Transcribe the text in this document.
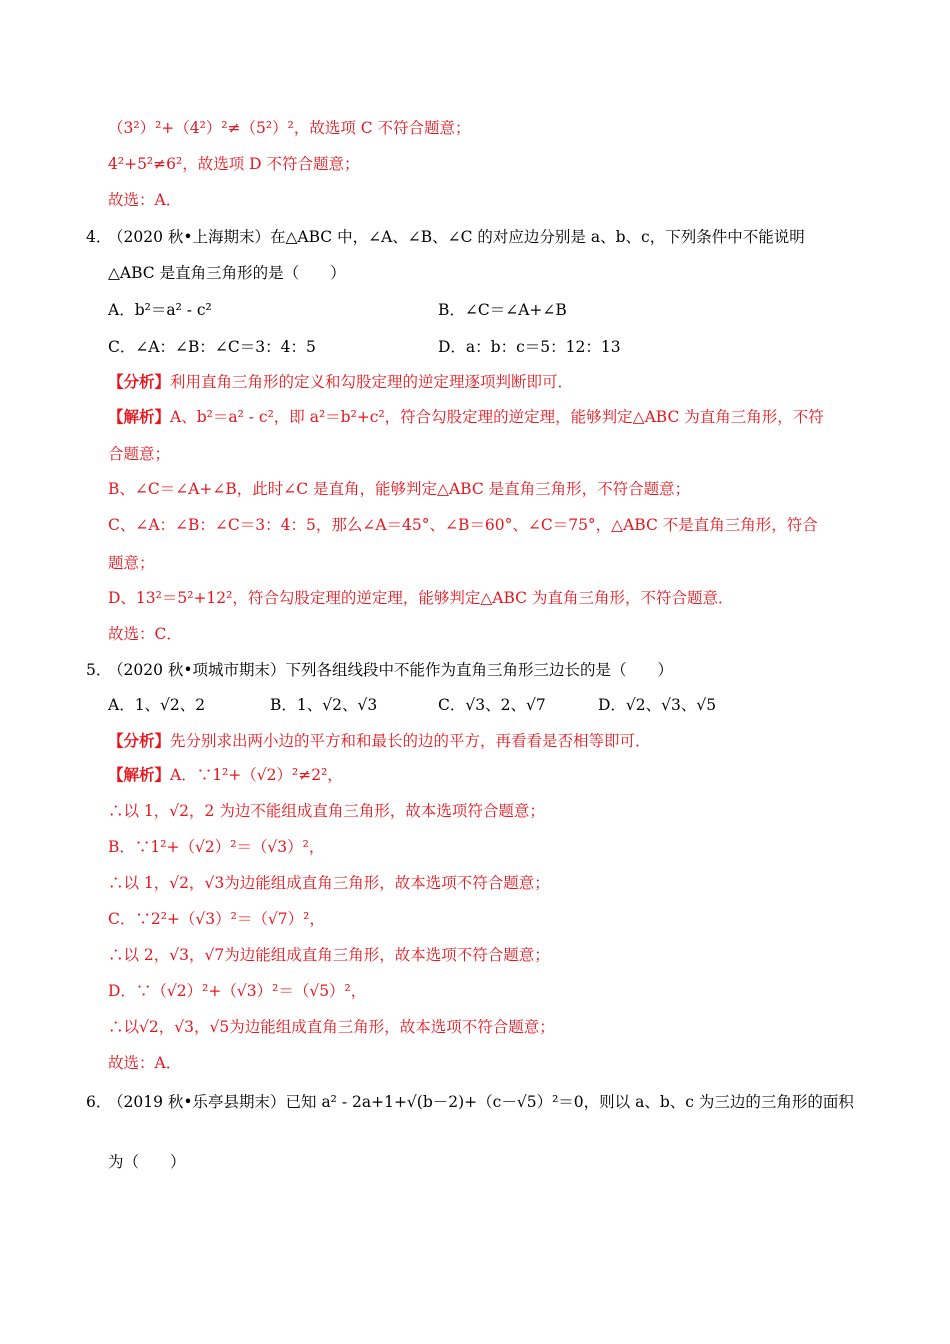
（3²）²+（4²）²≠（5²）²，故选项 C 不符合题意；
4²+5²≠6²，故选项 D 不符合题意；
故选：A．
4．
（2020 秋•上海期末）在△ABC 中，∠A、∠B、∠C 的对应边分别是 a、b、c，下列条件中不能说明
△ABC 是直角三角形的是（　　）
A．b²＝a² - c²	B．∠C＝∠A+∠B
C．∠A：∠B：∠C＝3：4：5	D．a：b：c＝5：12：13
【分析】利用直角三角形的定义和勾股定理的逆定理逐项判断即可．
【解析】A、b²＝a² - c²，即 a²＝b²+c²，符合勾股定理的逆定理，能够判定△ABC 为直角三角形，不符
合题意；
B、∠C＝∠A+∠B，此时∠C 是直角，能够判定△ABC 是直角三角形，不符合题意；
C、∠A：∠B：∠C＝3：4：5，那么∠A＝45°、∠B＝60°、∠C＝75°，△ABC 不是直角三角形，符合
题意；
D、13²＝5²+12²，符合勾股定理的逆定理，能够判定△ABC 为直角三角形，不符合题意．
故选：C．
5．
（2020 秋•项城市期末）下列各组线段中不能作为直角三角形三边长的是（　　）
A．1、√2、2	B．1、√2、√3	C．√3、2、√7	D．√2、√3、√5
【分析】先分别求出两小边的平方和和最长的边的平方，再看看是否相等即可．
【解析】A．∵1²+（√2）²≠2²，
∴以 1，√2，2 为边不能组成直角三角形，故本选项符合题意；
B．∵1²+（√2）²＝（√3）²，
∴以 1，√2，√3为边能组成直角三角形，故本选项不符合题意；
C．∵2²+（√3）²＝（√7）²，
∴以 2，√3，√7为边能组成直角三角形，故本选项不符合题意；
D．∵（√2）²+（√3）²＝（√5）²，
∴以√2，√3，√5为边能组成直角三角形，故本选项不符合题意；
故选：A．
6．
（2019 秋•乐亭县期末）已知 a² - 2a+1+√(b－2)+（c－√5）²＝0，则以 a、b、c 为三边的三角形的面积
为（　　）
